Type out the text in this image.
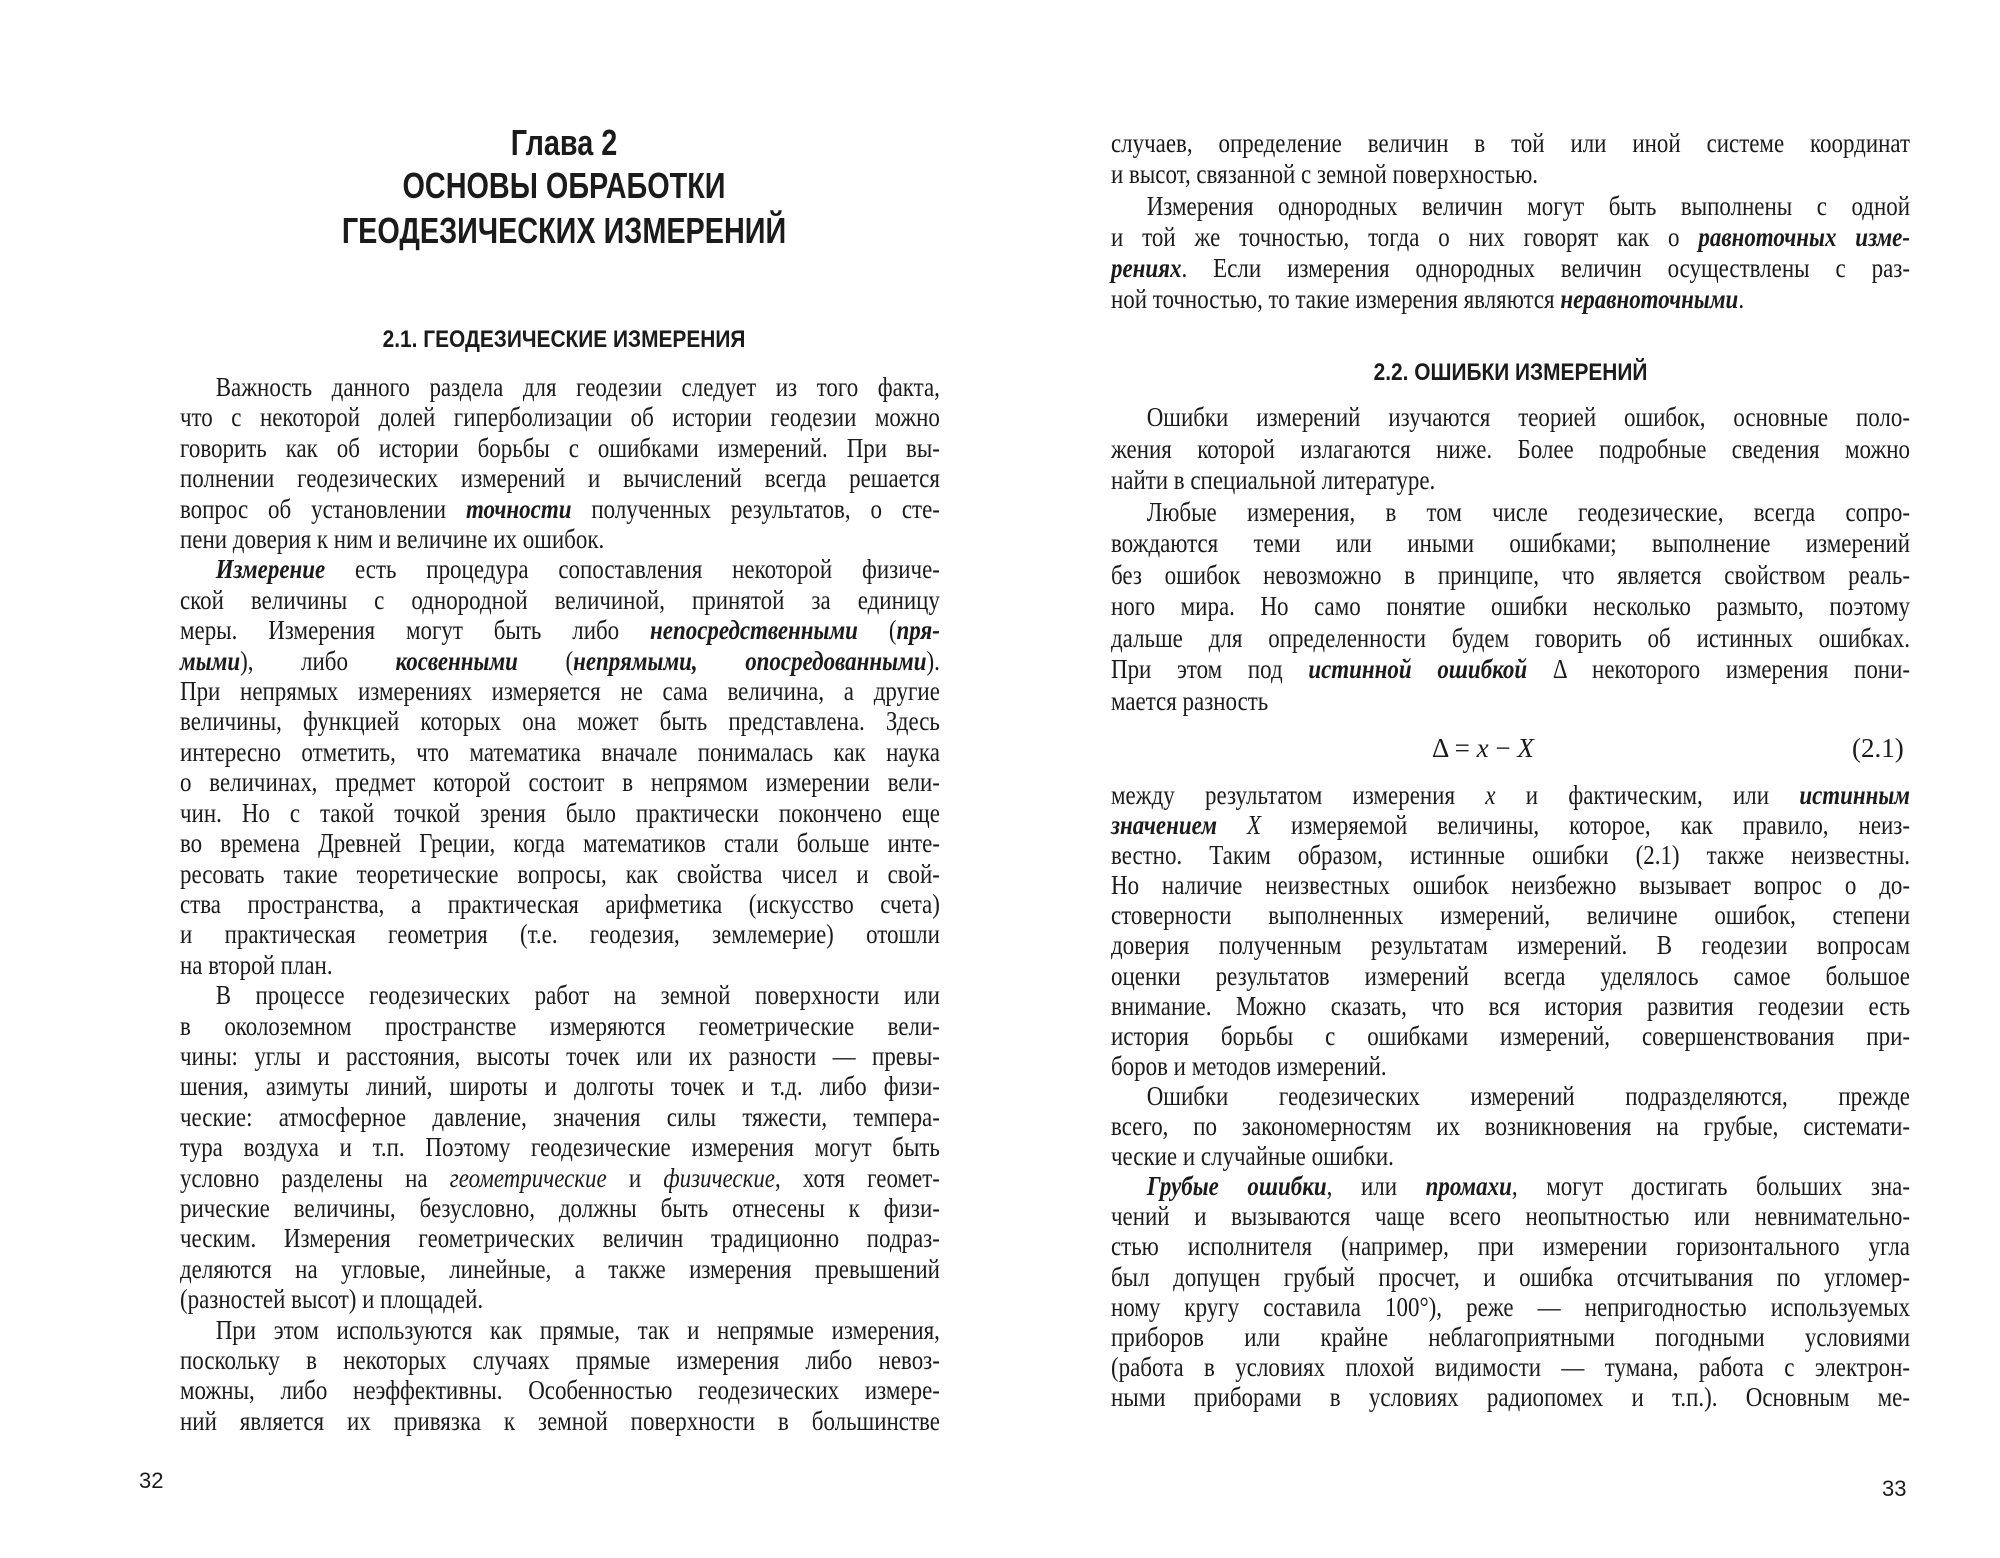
Глава 2
ОСНОВЫ ОБРАБОТКИ
ГЕОДЕЗИЧЕСКИХ ИЗМЕРЕНИЙ
2.1. ГЕОДЕЗИЧЕСКИЕ ИЗМЕРЕНИЯ
Важность данного раздела для геодезии следует из того факта,
что с некоторой долей гиперболизации об истории геодезии можно
говорить как об истории борьбы с ошибками измерений. При вы-
полнении геодезических измерений и вычислений всегда решается
вопрос об установлении точности полученных результатов, о сте-
пени доверия к ним и величине их ошибок.
Измерение есть процедура сопоставления некоторой физиче-
ской величины с однородной величиной, принятой за единицу
меры. Измерения могут быть либо непосредственными (пря-
мыми), либо косвенными (непрямыми, опосредованными).
При непрямых измерениях измеряется не сама величина, а другие
величины, функцией которых она может быть представлена. Здесь
интересно отметить, что математика вначале понималась как наука
о величинах, предмет которой состоит в непрямом измерении вели-
чин. Но с такой точкой зрения было практически покончено еще
во времена Древней Греции, когда математиков стали больше инте-
ресовать такие теоретические вопросы, как свойства чисел и свой-
ства пространства, а практическая арифметика (искусство счета)
и практическая геометрия (т.е. геодезия, землемерие) отошли
на второй план.
В процессе геодезических работ на земной поверхности или
в околоземном пространстве измеряются геометрические вели-
чины: углы и расстояния, высоты точек или их разности — превы-
шения, азимуты линий, широты и долготы точек и т.д. либо физи-
ческие: атмосферное давление, значения силы тяжести, темпера-
тура воздуха и т.п. Поэтому геодезические измерения могут быть
условно разделены на геометрические и физические, хотя геомет-
рические величины, безусловно, должны быть отнесены к физи-
ческим. Измерения геометрических величин традиционно подраз-
деляются на угловые, линейные, а также измерения превышений
(разностей высот) и площадей.
При этом используются как прямые, так и непрямые измерения,
поскольку в некоторых случаях прямые измерения либо невоз-
можны, либо неэффективны. Особенностью геодезических измере-
ний является их привязка к земной поверхности в большинстве
32
случаев, определение величин в той или иной системе координат
и высот, связанной с земной поверхностью.
Измерения однородных величин могут быть выполнены с одной
и той же точностью, тогда о них говорят как о равноточных изме-
рениях. Если измерения однородных величин осуществлены с раз-
ной точностью, то такие измерения являются неравноточными.
2.2. ОШИБКИ ИЗМЕРЕНИЙ
Ошибки измерений изучаются теорией ошибок, основные поло-
жения которой излагаются ниже. Более подробные сведения можно
найти в специальной литературе.
Любые измерения, в том числе геодезические, всегда сопро-
вождаются теми или иными ошибками; выполнение измерений
без ошибок невозможно в принципе, что является свойством реаль-
ного мира. Но само понятие ошибки несколько размыто, поэтому
дальше для определенности будем говорить об истинных ошибках.
При этом под истинной ошибкой Δ некоторого измерения пони-
мается разность
Δ = x − X	(2.1)
между результатом измерения x и фактическим, или истинным
значением X измеряемой величины, которое, как правило, неиз-
вестно. Таким образом, истинные ошибки (2.1) также неизвестны.
Но наличие неизвестных ошибок неизбежно вызывает вопрос о до-
стоверности выполненных измерений, величине ошибок, степени
доверия полученным результатам измерений. В геодезии вопросам
оценки результатов измерений всегда уделялось самое большое
внимание. Можно сказать, что вся история развития геодезии есть
история борьбы с ошибками измерений, совершенствования при-
боров и методов измерений.
Ошибки геодезических измерений подразделяются, прежде
всего, по закономерностям их возникновения на грубые, системати-
ческие и случайные ошибки.
Грубые ошибки, или промахи, могут достигать больших зна-
чений и вызываются чаще всего неопытностью или невнимательно-
стью исполнителя (например, при измерении горизонтального угла
был допущен грубый просчет, и ошибка отсчитывания по угломер-
ному кругу составила 100°), реже — непригодностью используемых
приборов или крайне неблагоприятными погодными условиями
(работа в условиях плохой видимости — тумана, работа с электрон-
ными приборами в условиях радиопомех и т.п.). Основным ме-
33
